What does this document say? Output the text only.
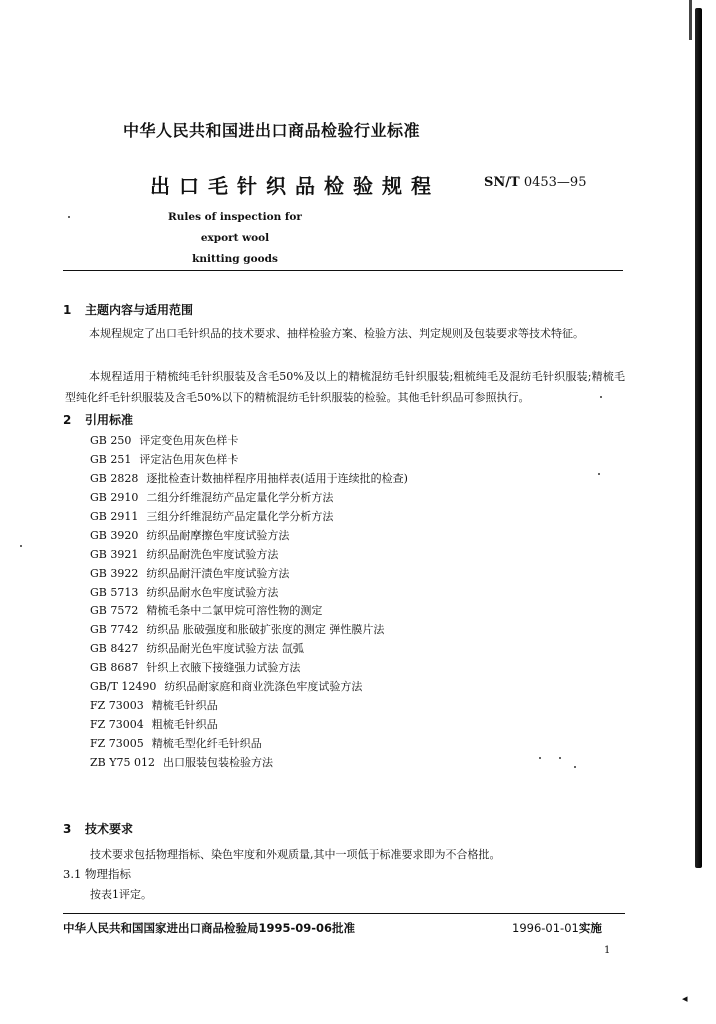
中华人民共和国进出口商品检验行业标准
出口毛针织品检验规程	SN/T 0453—95
Rules of inspection for export wool
knitting goods
1 主题内容与适用范围
本规程规定了出口毛针织品的技术要求、抽样检验方案、检验方法、判定规则及包装要求等技术特征。
本规程适用于精梳纯毛针织服装及含毛50%及以上的精梳混纺毛针织服装;粗梳纯毛及混纺毛针织服装;精梳毛型纯化纤毛针织服装及含毛50%以下的精梳混纺毛针织服装的检验。其他毛针织品可参照执行。
2 引用标准
GB 250 评定变色用灰色样卡
GB 251 评定沾色用灰色样卡
GB 2828 逐批检查计数抽样程序用抽样表(适用于连续批的检查)
GB 2910 二组分纤维混纺产品定量化学分析方法
GB 2911 三组分纤维混纺产品定量化学分析方法
GB 3920 纺织品耐摩擦色牢度试验方法
GB 3921 纺织品耐洗色牢度试验方法
GB 3922 纺织品耐汗渍色牢度试验方法
GB 5713 纺织品耐水色牢度试验方法
GB 7572 精梳毛条中二氯甲烷可溶性物的测定
GB 7742 纺织品 胀破强度和胀破扩张度的测定 弹性膜片法
GB 8427 纺织品耐光色牢度试验方法 氙弧
GB 8687 针织上衣腋下接缝强力试验方法
GB/T 12490 纺织品耐家庭和商业洗涤色牢度试验方法
FZ 73003 精梳毛针织品
FZ 73004 粗梳毛针织品
FZ 73005 精梳毛型化纤毛针织品
ZB Y75 012 出口服装包装检验方法
3 技术要求
技术要求包括物理指标、染色牢度和外观质量,其中一项低于标准要求即为不合格批。
3.1 物理指标
按表1评定。
中华人民共和国国家进出口商品检验局1995-09-06批准	1996-01-01实施
1
◂
